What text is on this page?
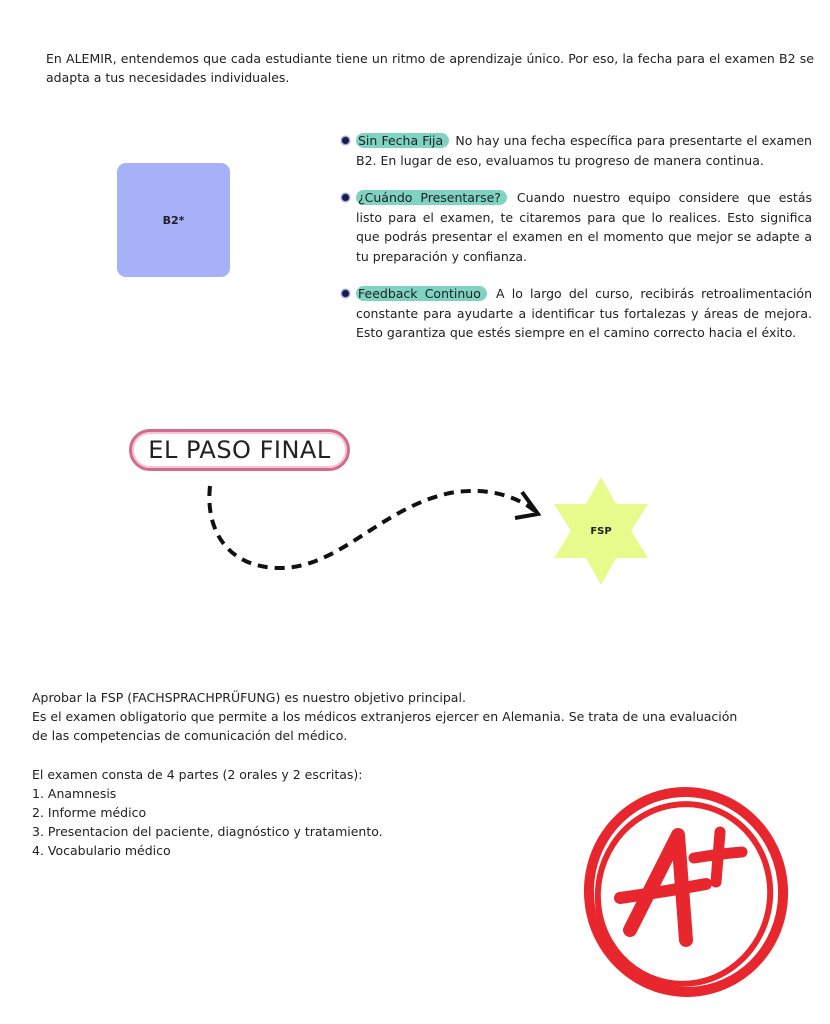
En ALEMIR, entendemos que cada estudiante tiene un ritmo de aprendizaje único. Por eso, la fecha para el examen B2 se adapta a tus necesidades individuales.

B2*
Sin Fecha Fija No hay una fecha específica para presentarte el examen B2. En lugar de eso, evaluamos tu progreso de manera continua.
¿Cuándo Presentarse? Cuando nuestro equipo considere que estás listo para el examen, te citaremos para que lo realices. Esto significa que podrás presentar el examen en el momento que mejor se adapte a tu preparación y confianza.
Feedback Continuo A lo largo del curso, recibirás retroalimentación constante para ayudarte a identificar tus fortalezas y áreas de mejora. Esto garantiza que estés siempre en el camino correcto hacia el éxito.
EL PASO FINAL
FSP

Aprobar la FSP (FACHSPRACHPRÜFUNG) es nuestro objetivo principal.

Es el examen obligatorio que permite a los médicos extranjeros ejercer en Alemania. Se trata de una evaluación de las competencias de comunicación del médico.

El examen consta de 4 partes (2 orales y 2 escritas):

1. Anamnesis

2. Informe médico

3. Presentacion del paciente, diagnóstico y tratamiento.

4. Vocabulario médico
